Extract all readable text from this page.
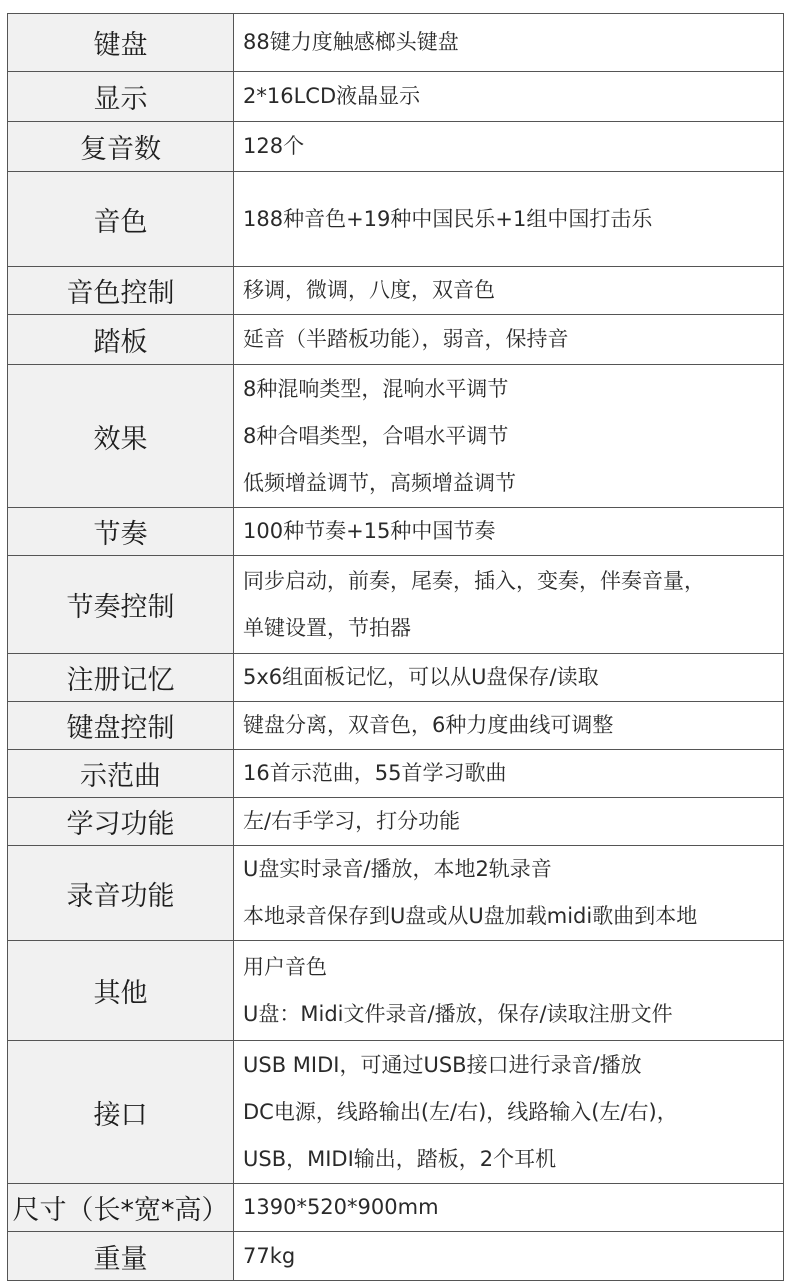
键盘	88键力度触感榔头键盘

显示	2*16LCD液晶显示

复音数	128个

音色	188种音色+19种中国民乐+1组中国打击乐

音色控制	移调，微调，八度，双音色

踏板	延音（半踏板功能），弱音，保持音

效果	8种混响类型，混响水平调节
8种合唱类型，合唱水平调节
低频增益调节，高频增益调节

节奏	100种节奏+15种中国节奏

节奏控制	同步启动，前奏，尾奏，插入，变奏，伴奏音量，
单键设置，节拍器

注册记忆	5x6组面板记忆，可以从U盘保存/读取

键盘控制	键盘分离，双音色，6种力度曲线可调整

示范曲	16首示范曲，55首学习歌曲

学习功能	左/右手学习，打分功能

录音功能	U盘实时录音/播放，本地2轨录音
本地录音保存到U盘或从U盘加载midi歌曲到本地

其他	用户音色
U盘：Midi文件录音/播放，保存/读取注册文件

接口	USB MIDI，可通过USB接口进行录音/播放
DC电源，线路输出(左/右)，线路输入(左/右)，
USB，MIDI输出，踏板，2个耳机

尺寸（长*宽*高）	1390*520*900mm

重量	77kg
